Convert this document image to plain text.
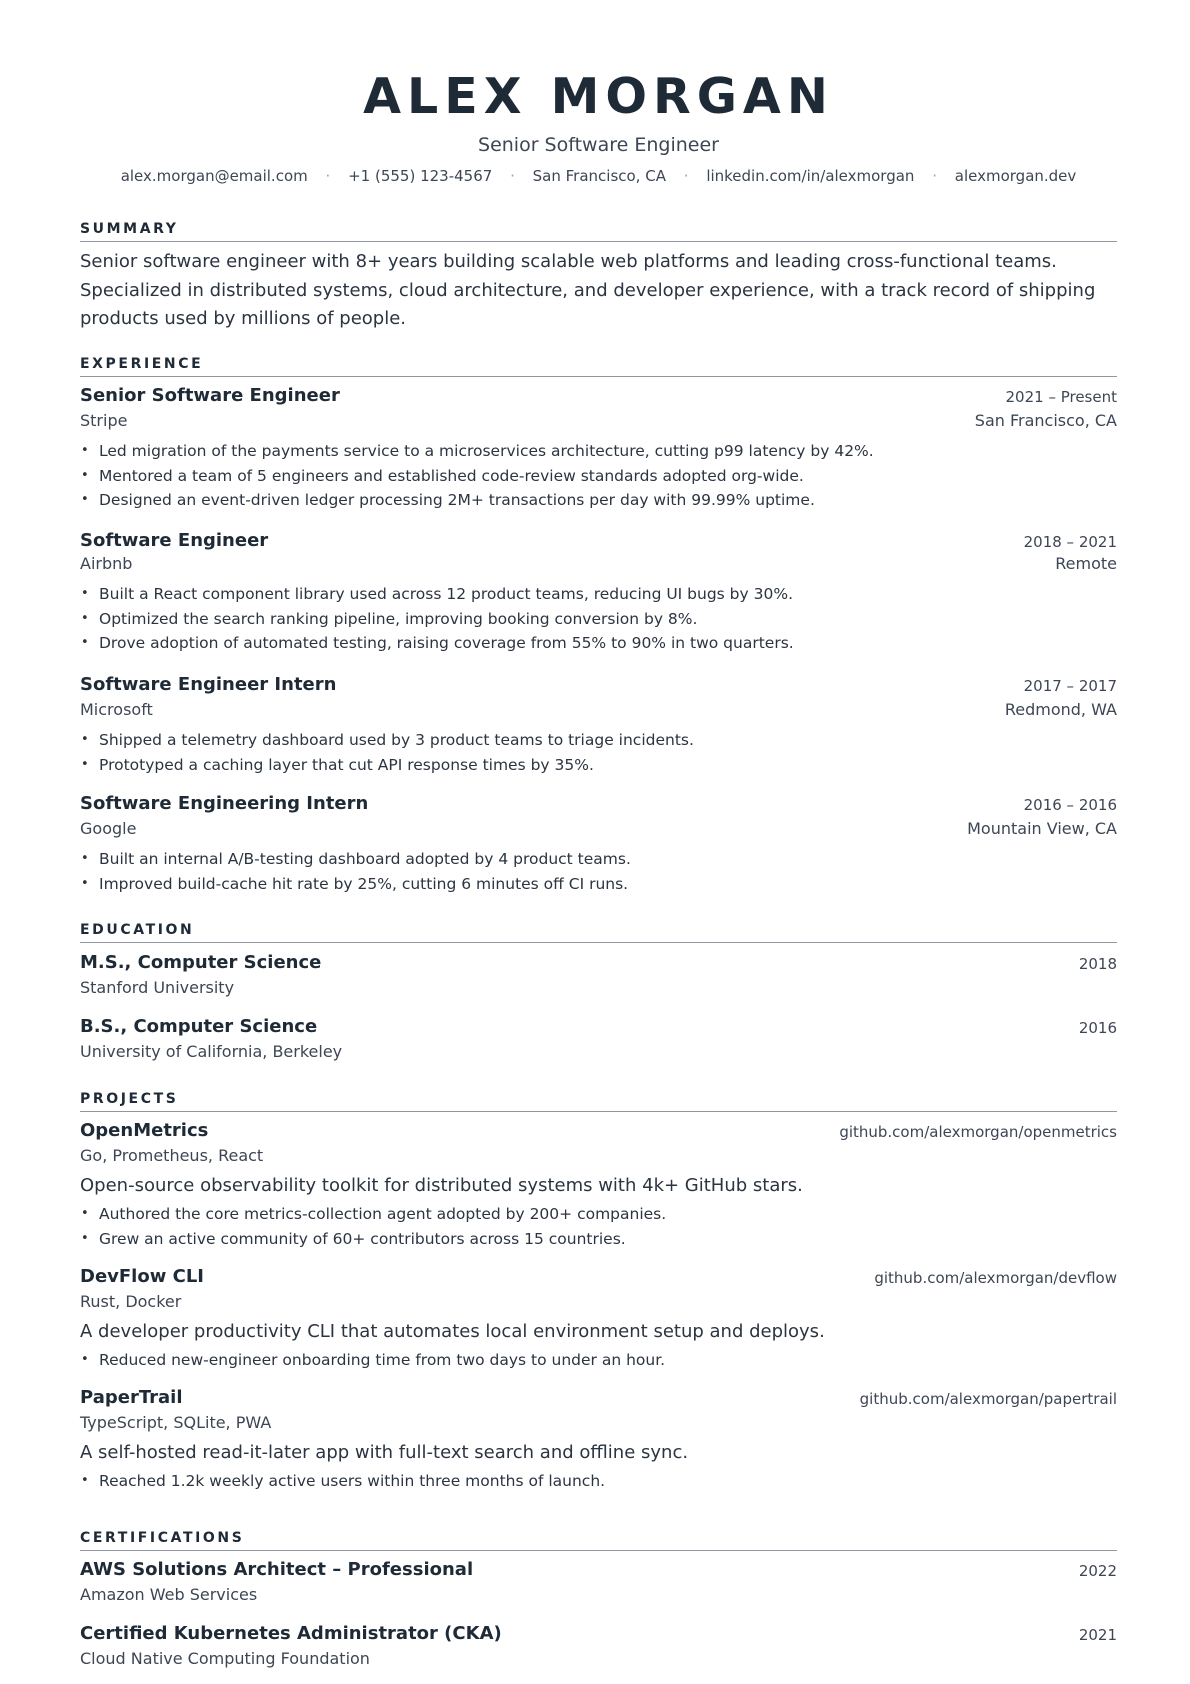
ALEX MORGAN
Senior Software Engineer
alex.morgan@email.com · +1 (555) 123-4567 · San Francisco, CA · linkedin.com/in/alexmorgan · alexmorgan.dev
SUMMARY
Senior software engineer with 8+ years building scalable web platforms and leading cross-functional teams. Specialized in distributed systems, cloud architecture, and developer experience, with a track record of shipping products used by millions of people.
EXPERIENCE
Senior Software Engineer	2021 – Present
Stripe	San Francisco, CA
• Led migration of the payments service to a microservices architecture, cutting p99 latency by 42%.
• Mentored a team of 5 engineers and established code-review standards adopted org-wide.
• Designed an event-driven ledger processing 2M+ transactions per day with 99.99% uptime.
Software Engineer	2018 – 2021
Airbnb	Remote
• Built a React component library used across 12 product teams, reducing UI bugs by 30%.
• Optimized the search ranking pipeline, improving booking conversion by 8%.
• Drove adoption of automated testing, raising coverage from 55% to 90% in two quarters.
Software Engineer Intern	2017 – 2017
Microsoft	Redmond, WA
• Shipped a telemetry dashboard used by 3 product teams to triage incidents.
• Prototyped a caching layer that cut API response times by 35%.
Software Engineering Intern	2016 – 2016
Google	Mountain View, CA
• Built an internal A/B-testing dashboard adopted by 4 product teams.
• Improved build-cache hit rate by 25%, cutting 6 minutes off CI runs.
EDUCATION
M.S., Computer Science	2018
Stanford University
B.S., Computer Science	2016
University of California, Berkeley
PROJECTS
OpenMetrics	github.com/alexmorgan/openmetrics
Go, Prometheus, React
Open-source observability toolkit for distributed systems with 4k+ GitHub stars.
• Authored the core metrics-collection agent adopted by 200+ companies.
• Grew an active community of 60+ contributors across 15 countries.
DevFlow CLI	github.com/alexmorgan/devflow
Rust, Docker
A developer productivity CLI that automates local environment setup and deploys.
• Reduced new-engineer onboarding time from two days to under an hour.
PaperTrail	github.com/alexmorgan/papertrail
TypeScript, SQLite, PWA
A self-hosted read-it-later app with full-text search and offline sync.
• Reached 1.2k weekly active users within three months of launch.
CERTIFICATIONS
AWS Solutions Architect – Professional	2022
Amazon Web Services
Certified Kubernetes Administrator (CKA)	2021
Cloud Native Computing Foundation
